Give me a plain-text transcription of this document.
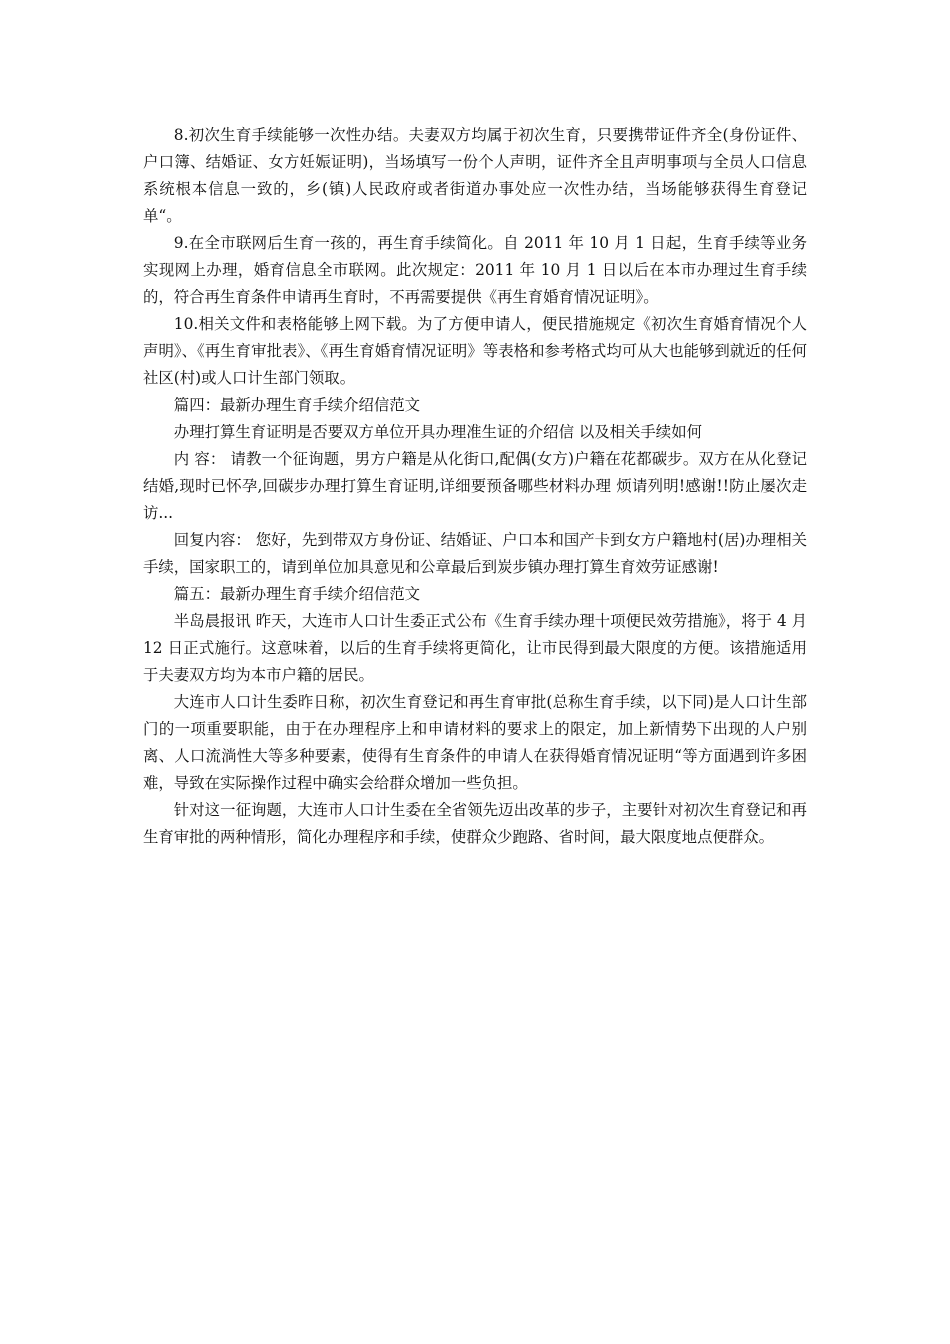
8.初次生育手续能够一次性办结。夫妻双方均属于初次生育，只要携带证件齐全(身份证件、户口簿、结婚证、女方妊娠证明)，当场填写一份个人声明，证件齐全且声明事项与全员人口信息系统根本信息一致的，乡(镇)人民政府或者街道办事处应一次性办结，当场能够获得生育登记单“。

9.在全市联网后生育一孩的，再生育手续简化。自 2011 年 10 月 1 日起，生育手续等业务实现网上办理，婚育信息全市联网。此次规定：2011 年 10 月 1 日以后在本市办理过生育手续的，符合再生育条件申请再生育时，不再需要提供《再生育婚育情况证明》。

10.相关文件和表格能够上网下载。为了方便申请人，便民措施规定《初次生育婚育情况个人声明》、《再生育审批表》、《再生育婚育情况证明》等表格和参考格式均可从大也能够到就近的任何社区(村)或人口计生部门领取。

篇四：最新办理生育手续介绍信范文

办理打算生育证明是否要双方单位开具办理准生证的介绍信 以及相关手续如何

内 容： 请教一个征询题，男方户籍是从化街口,配偶(女方)户籍在花都碳步。双方在从化登记结婚,现时已怀孕,回碳步办理打算生育证明,详细要预备哪些材料办理 烦请列明!感谢!!防止屡次走访...

回复内容： 您好，先到带双方身份证、结婚证、户口本和国产卡到女方户籍地村(居)办理相关手续，国家职工的，请到单位加具意见和公章最后到炭步镇办理打算生育效劳证感谢!

篇五：最新办理生育手续介绍信范文

半岛晨报讯 昨天，大连市人口计生委正式公布《生育手续办理十项便民效劳措施》，将于 4 月 12 日正式施行。这意味着，以后的生育手续将更简化，让市民得到最大限度的方便。该措施适用于夫妻双方均为本市户籍的居民。

大连市人口计生委昨日称，初次生育登记和再生育审批(总称生育手续，以下同)是人口计生部门的一项重要职能，由于在办理程序上和申请材料的要求上的限定，加上新情势下出现的人户别离、人口流淌性大等多种要素，使得有生育条件的申请人在获得婚育情况证明“等方面遇到许多困难，导致在实际操作过程中确实会给群众增加一些负担。

针对这一征询题，大连市人口计生委在全省领先迈出改革的步子，主要针对初次生育登记和再生育审批的两种情形，简化办理程序和手续，使群众少跑路、省时间，最大限度地点便群众。
